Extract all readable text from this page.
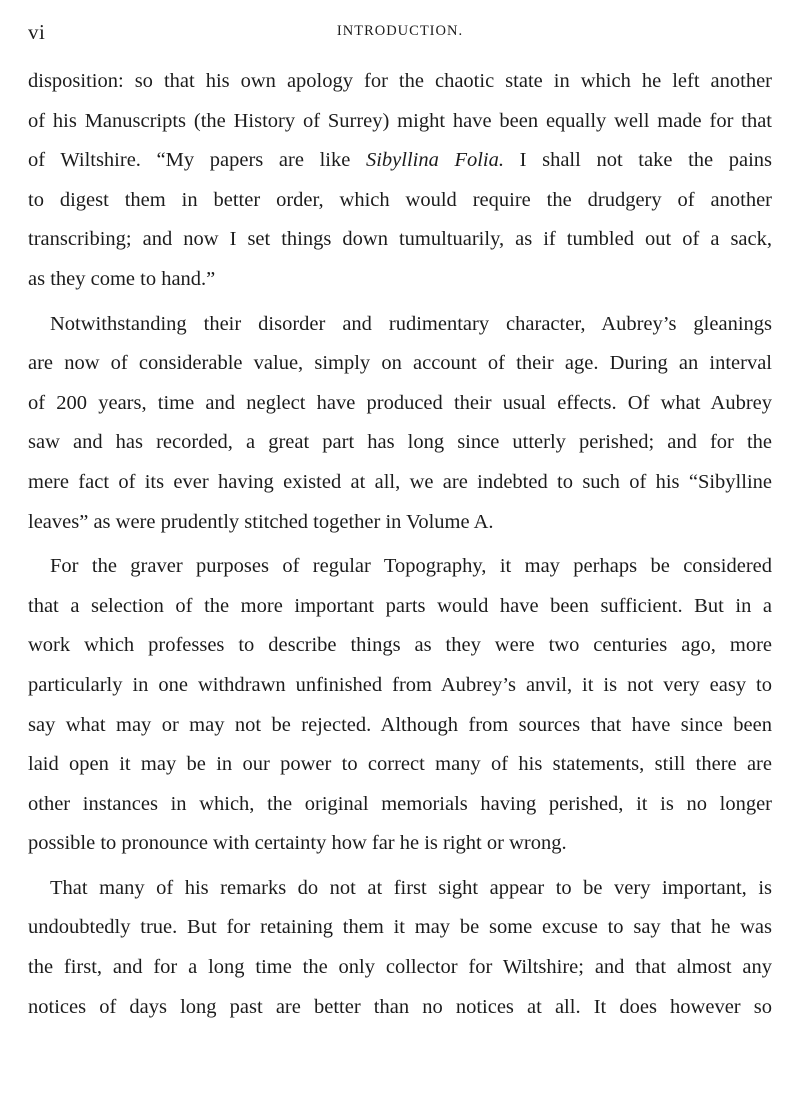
vi	INTRODUCTION.
disposition: so that his own apology for the chaotic state in which he left another
of his Manuscripts (the History of Surrey) might have been equally well made for that
of Wiltshire. “My papers are like Sibyllina Folia. I shall not take the pains
to digest them in better order, which would require the drudgery of another
transcribing; and now I set things down tumultuarily, as if tumbled out of a sack,
as they come to hand.”
Notwithstanding their disorder and rudimentary character, Aubrey’s gleanings
are now of considerable value, simply on account of their age. During an interval
of 200 years, time and neglect have produced their usual effects. Of what Aubrey
saw and has recorded, a great part has long since utterly perished; and for the
mere fact of its ever having existed at all, we are indebted to such of his “Sibylline
leaves” as were prudently stitched together in Volume A.
For the graver purposes of regular Topography, it may perhaps be considered
that a selection of the more important parts would have been sufficient. But in a
work which professes to describe things as they were two centuries ago, more
particularly in one withdrawn unfinished from Aubrey’s anvil, it is not very easy to
say what may or may not be rejected. Although from sources that have since been
laid open it may be in our power to correct many of his statements, still there are
other instances in which, the original memorials having perished, it is no longer
possible to pronounce with certainty how far he is right or wrong.
That many of his remarks do not at first sight appear to be very important, is
undoubtedly true. But for retaining them it may be some excuse to say that he was
the first, and for a long time the only collector for Wiltshire; and that almost any
notices of days long past are better than no notices at all. It does however so
